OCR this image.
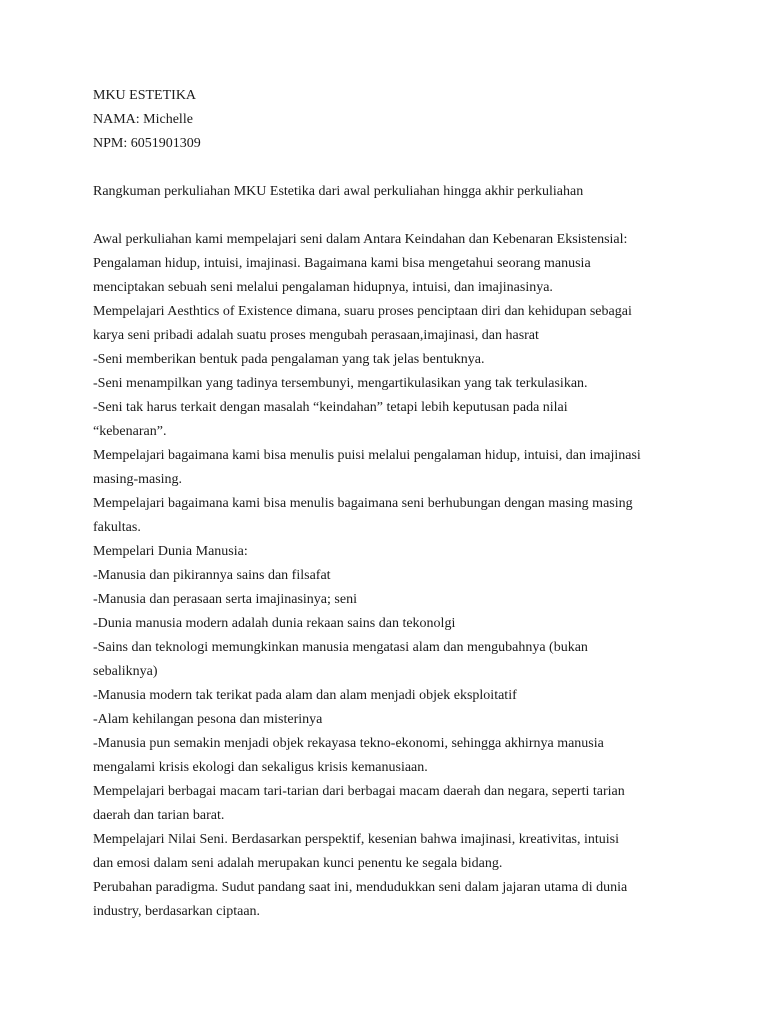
MKU ESTETIKA
NAMA: Michelle
NPM: 6051901309
Rangkuman perkuliahan MKU Estetika dari awal perkuliahan hingga akhir perkuliahan
Awal perkuliahan kami mempelajari seni dalam Antara Keindahan dan Kebenaran Eksistensial:
Pengalaman hidup, intuisi, imajinasi. Bagaimana kami bisa mengetahui seorang manusia
menciptakan sebuah seni melalui pengalaman hidupnya, intuisi, dan imajinasinya.
Mempelajari Aesthtics of Existence dimana, suaru proses penciptaan diri dan kehidupan sebagai
karya seni pribadi adalah suatu proses mengubah perasaan,imajinasi, dan hasrat
-Seni memberikan bentuk pada pengalaman yang tak jelas bentuknya.
-Seni menampilkan yang tadinya tersembunyi, mengartikulasikan yang tak terkulasikan.
-Seni tak harus terkait dengan masalah “keindahan” tetapi lebih keputusan pada nilai
“kebenaran”.
Mempelajari bagaimana kami bisa menulis puisi melalui pengalaman hidup, intuisi, dan imajinasi
masing-masing.
Mempelajari bagaimana kami bisa menulis bagaimana seni berhubungan dengan masing masing
fakultas.
Mempelari Dunia Manusia:
-Manusia dan pikirannya sains dan filsafat
-Manusia dan perasaan serta imajinasinya; seni
-Dunia manusia modern adalah dunia rekaan sains dan tekonolgi
-Sains dan teknologi memungkinkan manusia mengatasi alam dan mengubahnya (bukan
sebaliknya)
-Manusia modern tak terikat pada alam dan alam menjadi objek eksploitatif
-Alam kehilangan pesona dan misterinya
-Manusia pun semakin menjadi objek rekayasa tekno-ekonomi, sehingga akhirnya manusia
mengalami krisis ekologi dan sekaligus krisis kemanusiaan.
Mempelajari berbagai macam tari-tarian dari berbagai macam daerah dan negara, seperti tarian
daerah dan tarian barat.
Mempelajari Nilai Seni. Berdasarkan perspektif, kesenian bahwa imajinasi, kreativitas, intuisi
dan emosi dalam seni adalah merupakan kunci penentu ke segala bidang.
Perubahan paradigma. Sudut pandang saat ini, mendudukkan seni dalam jajaran utama di dunia
industry, berdasarkan ciptaan.
